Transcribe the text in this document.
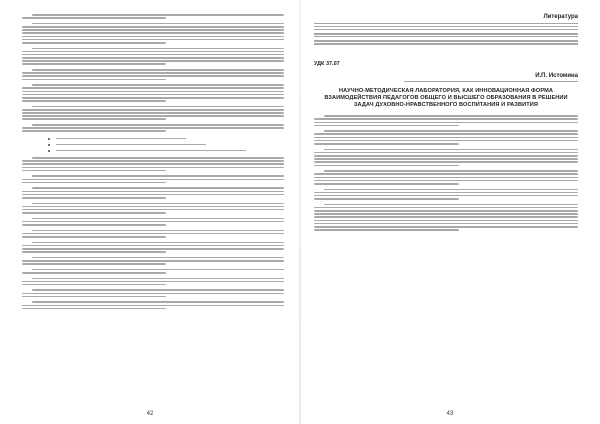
42
Литература
УДК 37.07
И.П. Истомина
НАУЧНО-МЕТОДИЧЕСКАЯ ЛАБОРАТОРИЯ, КАК ИННОВАЦИОННАЯ ФОРМА ВЗАИМОДЕЙСТВИЯ ПЕДАГОГОВ ОБЩЕГО И ВЫСШЕГО ОБРАЗОВАНИЯ В РЕШЕНИИ ЗАДАЧ ДУХОВНО-НРАВСТВЕННОГО ВОСПИТАНИЯ И РАЗВИТИЯ
43
